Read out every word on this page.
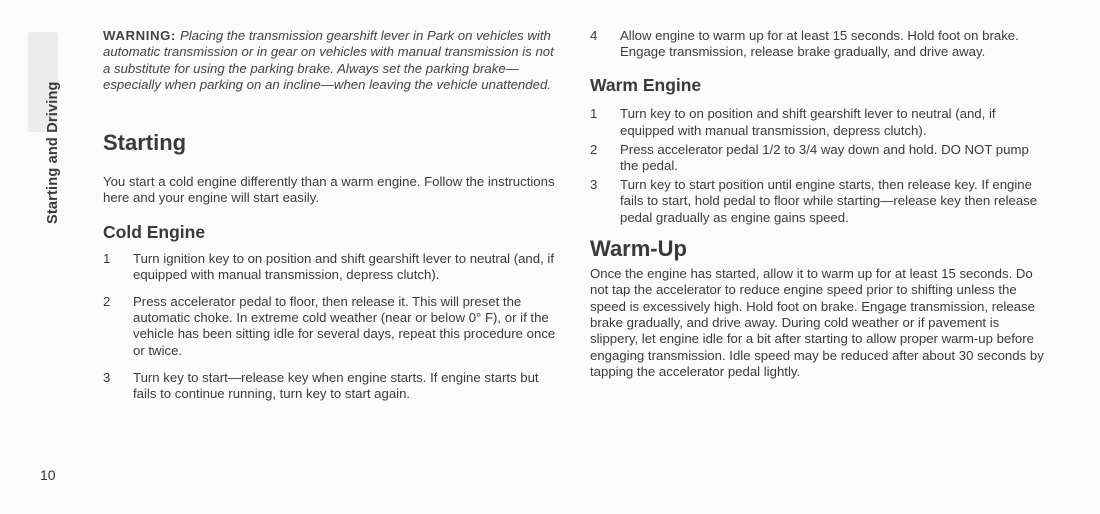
Starting and Driving
10

WARNING: Placing the transmission gearshift lever in Park on vehicles with automatic transmission or in gear on vehicles with manual transmission is not a substitute for using the parking brake. Always set the parking brake—especially when parking on an incline—when leaving the vehicle unattended.

Starting

You start a cold engine differently than a warm engine. Follow the instructions here and your engine will start easily.

Cold Engine
1 Turn ignition key to on position and shift gearshift lever to neutral (and, if equipped with manual transmission, depress clutch).
2 Press accelerator pedal to floor, then release it. This will preset the automatic choke. In extreme cold weather (near or below 0° F), or if the vehicle has been sitting idle for several days, repeat this procedure once or twice.
3 Turn key to start—release key when engine starts. If engine starts but fails to continue running, turn key to start again.
4 Allow engine to warm up for at least 15 seconds. Hold foot on brake. Engage transmission, release brake gradually, and drive away.
Warm Engine
1 Turn key to on position and shift gearshift lever to neutral (and, if equipped with manual transmission, depress clutch).
2 Press accelerator pedal 1/2 to 3/4 way down and hold. DO NOT pump the pedal.
3 Turn key to start position until engine starts, then release key. If engine fails to start, hold pedal to floor while starting—release key then release pedal gradually as engine gains speed.
Warm-Up

Once the engine has started, allow it to warm up for at least 15 seconds. Do not tap the accelerator to reduce engine speed prior to shifting unless the speed is excessively high. Hold foot on brake. Engage transmission, release brake gradually, and drive away. During cold weather or if pavement is slippery, let engine idle for a bit after starting to allow proper warm-up before engaging transmission. Idle speed may be reduced after about 30 seconds by tapping the accelerator pedal lightly.
